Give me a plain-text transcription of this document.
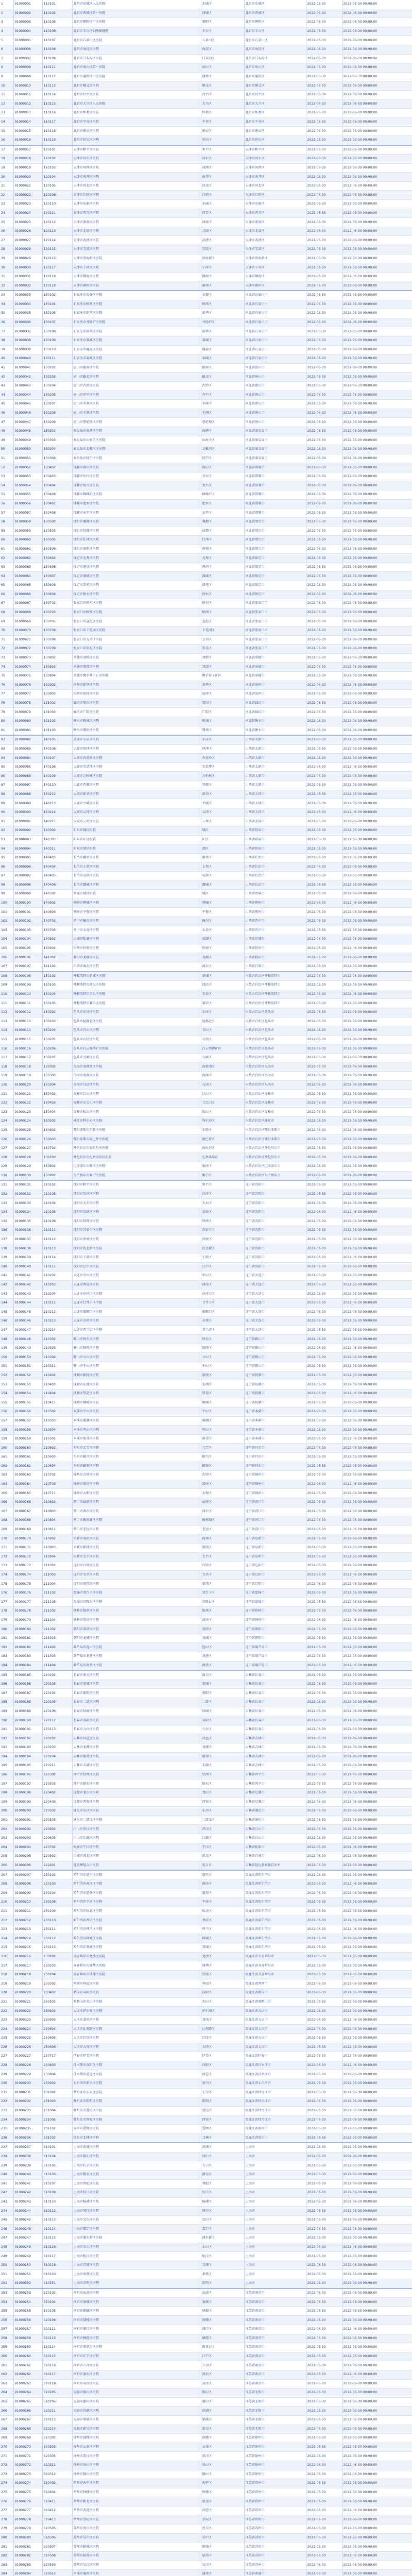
1	91000001	110101	北京市东城区人民医院	东城区	北京市东城区	2022-06-30	2022-06-30 00:00:00
2	91000002	110102	北京市西城区第一医院	西城区	北京市西城区	2022-06-30	2022-06-30 00:00:00
3	91000003	110105	北京市朝阳区中医医院	朝阳区	北京市朝阳区	2022-06-30	2022-06-30 00:00:00
4	91000004	110106	北京市丰台区妇幼保健院	丰台区	北京市丰台区	2022-06-30	2022-06-30 00:00:00
5	91000005	110107	北京市石景山区医院	石景山区	北京市石景山区	2022-06-30	2022-06-30 00:00:00
6	91000006	110108	北京市海淀区医院	海淀区	北京市海淀区	2022-06-30	2022-06-30 00:00:00
7	91000007	110109	北京市门头沟区医院	门头沟区	北京市门头沟区	2022-06-30	2022-06-30 00:00:00
8	91000008	110111	北京市房山区第一医院	房山区	北京市房山区	2022-06-30	2022-06-30 00:00:00
9	91000009	110112	北京市通州区中医医院	通州区	北京市通州区	2022-06-30	2022-06-30 00:00:00
10	91000010	110113	北京市顺义区医院	顺义区	北京市顺义区	2022-06-30	2022-06-30 00:00:00
11	91000011	110114	北京市昌平区医院	昌平区	北京市昌平区	2022-06-30	2022-06-30 00:00:00
12	91000012	110115	北京市大兴区人民医院	大兴区	北京市大兴区	2022-06-30	2022-06-30 00:00:00
13	91000013	110116	北京市怀柔区医院	怀柔区	北京市怀柔区	2022-06-30	2022-06-30 00:00:00
14	91000014	110117	北京市平谷区医院	平谷区	北京市平谷区	2022-06-30	2022-06-30 00:00:00
15	91000015	110118	北京市密云区医院	密云区	北京市密云区	2022-06-30	2022-06-30 00:00:00
16	91000016	110119	北京市延庆区医院	延庆区	北京市延庆区	2022-06-30	2022-06-30 00:00:00
17	91000017	120101	天津市和平区医院	和平区	天津市和平区	2022-06-30	2022-06-30 00:00:00
18	91000018	120102	天津市河东区医院	河东区	天津市河东区	2022-06-30	2022-06-30 00:00:00
19	91000019	120103	天津市河西区医院	河西区	天津市河西区	2022-06-30	2022-06-30 00:00:00
20	91000020	120104	天津市南开区医院	南开区	天津市南开区	2022-06-30	2022-06-30 00:00:00
21	91000021	120105	天津市河北区医院	河北区	天津市河北区	2022-06-30	2022-06-30 00:00:00
22	91000022	120106	天津市红桥区医院	红桥区	天津市红桥区	2022-06-30	2022-06-30 00:00:00
23	91000023	120110	天津市东丽区医院	东丽区	天津市东丽区	2022-06-30	2022-06-30 00:00:00
24	91000024	120111	天津市西青区医院	西青区	天津市西青区	2022-06-30	2022-06-30 00:00:00
25	91000025	120112	天津市津南区医院	津南区	天津市津南区	2022-06-30	2022-06-30 00:00:00
26	91000026	120113	天津市北辰区医院	北辰区	天津市北辰区	2022-06-30	2022-06-30 00:00:00
27	91000027	120114	天津市武清区医院	武清区	天津市武清区	2022-06-30	2022-06-30 00:00:00
28	91000028	120115	天津市宝坻区医院	宝坻区	天津市宝坻区	2022-06-30	2022-06-30 00:00:00
29	91000029	120116	天津市滨海新区医院	滨海新区	天津市滨海新区	2022-06-30	2022-06-30 00:00:00
30	91000030	120117	天津市宁河区医院	宁河区	天津市宁河区	2022-06-30	2022-06-30 00:00:00
31	91000031	120118	天津市静海区医院	静海区	天津市静海区	2022-06-30	2022-06-30 00:00:00
32	91000032	120119	天津市蓟州区医院	蓟州区	天津市蓟州区	2022-06-30	2022-06-30 00:00:00
33	91000033	130102	石家庄市长安区医院	长安区	河北省石家庄市	2022-06-30	2022-06-30 00:00:00
34	91000034	130104	石家庄市桥西区医院	桥西区	河北省石家庄市	2022-06-30	2022-06-30 00:00:00
35	91000035	130105	石家庄市新华区医院	新华区	河北省石家庄市	2022-06-30	2022-06-30 00:00:00
36	91000036	130107	石家庄市井陉矿区医院	井陉矿区	河北省石家庄市	2022-06-30	2022-06-30 00:00:00
37	91000037	130108	石家庄市裕华区医院	裕华区	河北省石家庄市	2022-06-30	2022-06-30 00:00:00
38	91000038	130109	石家庄市藁城区医院	藁城区	河北省石家庄市	2022-06-30	2022-06-30 00:00:00
39	91000039	130110	石家庄市鹿泉区医院	鹿泉区	河北省石家庄市	2022-06-30	2022-06-30 00:00:00
40	91000040	130111	石家庄市栾城区医院	栾城区	河北省石家庄市	2022-06-30	2022-06-30 00:00:00
41	91000041	130202	唐山市路南区医院	路南区	河北省唐山市	2022-06-30	2022-06-30 00:00:00
42	91000042	130203	唐山市路北区医院	路北区	河北省唐山市	2022-06-30	2022-06-30 00:00:00
43	91000043	130204	唐山市古冶区医院	古冶区	河北省唐山市	2022-06-30	2022-06-30 00:00:00
44	91000044	130205	唐山市开平区医院	开平区	河北省唐山市	2022-06-30	2022-06-30 00:00:00
45	91000045	130207	唐山市丰南区医院	丰南区	河北省唐山市	2022-06-30	2022-06-30 00:00:00
46	91000046	130208	唐山市丰润区医院	丰润区	河北省唐山市	2022-06-30	2022-06-30 00:00:00
47	91000047	130209	唐山市曹妃甸区医院	曹妃甸区	河北省唐山市	2022-06-30	2022-06-30 00:00:00
48	91000048	130302	秦皇岛市海港区医院	海港区	河北省秦皇岛市	2022-06-30	2022-06-30 00:00:00
49	91000049	130303	秦皇岛市山海关区医院	山海关区	河北省秦皇岛市	2022-06-30	2022-06-30 00:00:00
50	91000050	130304	秦皇岛市北戴河区医院	北戴河区	河北省秦皇岛市	2022-06-30	2022-06-30 00:00:00
51	91000051	130306	秦皇岛市抚宁区医院	抚宁区	河北省秦皇岛市	2022-06-30	2022-06-30 00:00:00
52	91000052	130402	邯郸市邯山区医院	邯山区	河北省邯郸市	2022-06-30	2022-06-30 00:00:00
53	91000053	130403	邯郸市丛台区医院	丛台区	河北省邯郸市	2022-06-30	2022-06-30 00:00:00
54	91000054	130404	邯郸市复兴区医院	复兴区	河北省邯郸市	2022-06-30	2022-06-30 00:00:00
55	91000055	130406	邯郸市峰峰矿区医院	峰峰矿区	河北省邯郸市	2022-06-30	2022-06-30 00:00:00
56	91000056	130407	邯郸市肥乡区医院	肥乡区	河北省邯郸市	2022-06-30	2022-06-30 00:00:00
57	91000057	130408	邯郸市永年区医院	永年区	河北省邯郸市	2022-06-30	2022-06-30 00:00:00
58	91000058	130502	邢台市襄都区医院	襄都区	河北省邢台市	2022-06-30	2022-06-30 00:00:00
59	91000059	130503	邢台市信都区医院	信都区	河北省邢台市	2022-06-30	2022-06-30 00:00:00
60	91000060	130505	邢台市任泽区医院	任泽区	河北省邢台市	2022-06-30	2022-06-30 00:00:00
61	91000061	130506	邢台市南和区医院	南和区	河北省邢台市	2022-06-30	2022-06-30 00:00:00
62	91000062	130602	保定市竞秀区医院	竞秀区	河北省保定市	2022-06-30	2022-06-30 00:00:00
63	91000063	130606	保定市莲池区医院	莲池区	河北省保定市	2022-06-30	2022-06-30 00:00:00
64	91000064	130607	保定市满城区医院	满城区	河北省保定市	2022-06-30	2022-06-30 00:00:00
65	91000065	130608	保定市清苑区医院	清苑区	河北省保定市	2022-06-30	2022-06-30 00:00:00
66	91000066	130609	保定市徐水区医院	徐水区	河北省保定市	2022-06-30	2022-06-30 00:00:00
67	91000067	130702	张家口市桥东区医院	桥东区	河北省张家口市	2022-06-30	2022-06-30 00:00:00
68	91000068	130703	张家口市桥西区医院	桥西区	河北省张家口市	2022-06-30	2022-06-30 00:00:00
69	91000069	130705	张家口市宣化区医院	宣化区	河北省张家口市	2022-06-30	2022-06-30 00:00:00
70	91000070	130706	张家口市下花园区医院	下花园区	河北省张家口市	2022-06-30	2022-06-30 00:00:00
71	91000071	130708	张家口市万全区医院	万全区	河北省张家口市	2022-06-30	2022-06-30 00:00:00
72	91000072	130709	张家口市崇礼区医院	崇礼区	河北省张家口市	2022-06-30	2022-06-30 00:00:00
73	91000073	130802	承德市双桥区医院	双桥区	河北省承德市	2022-06-30	2022-06-30 00:00:00
74	91000074	130803	承德市双滦区医院	双滦区	河北省承德市	2022-06-30	2022-06-30 00:00:00
75	91000075	130804	承德市鹰手营子矿区医院	鹰手营子矿区	河北省承德市	2022-06-30	2022-06-30 00:00:00
76	91000076	130902	沧州市新华区医院	新华区	河北省沧州市	2022-06-30	2022-06-30 00:00:00
77	91000077	130903	沧州市运河区医院	运河区	河北省沧州市	2022-06-30	2022-06-30 00:00:00
78	91000078	131002	廊坊市安次区医院	安次区	河北省廊坊市	2022-06-30	2022-06-30 00:00:00
79	91000079	131003	廊坊市广阳区医院	广阳区	河北省廊坊市	2022-06-30	2022-06-30 00:00:00
80	91000080	131102	衡水市桃城区医院	桃城区	河北省衡水市	2022-06-30	2022-06-30 00:00:00
81	91000081	131103	衡水市冀州区医院	冀州区	河北省衡水市	2022-06-30	2022-06-30 00:00:00
82	91000082	140105	太原市小店区医院	小店区	山西省太原市	2022-06-30	2022-06-30 00:00:00
83	91000083	140106	太原市迎泽区医院	迎泽区	山西省太原市	2022-06-30	2022-06-30 00:00:00
84	91000084	140107	太原市杏花岭区医院	杏花岭区	山西省太原市	2022-06-30	2022-06-30 00:00:00
85	91000085	140108	太原市尖草坪区医院	尖草坪区	山西省太原市	2022-06-30	2022-06-30 00:00:00
86	91000086	140109	太原市万柏林区医院	万柏林区	山西省太原市	2022-06-30	2022-06-30 00:00:00
87	91000087	140110	太原市晋源区医院	晋源区	山西省太原市	2022-06-30	2022-06-30 00:00:00
88	91000088	140212	大同市新荣区医院	新荣区	山西省大同市	2022-06-30	2022-06-30 00:00:00
89	91000089	140213	大同市平城区医院	平城区	山西省大同市	2022-06-30	2022-06-30 00:00:00
90	91000090	140214	大同市云冈区医院	云冈区	山西省大同市	2022-06-30	2022-06-30 00:00:00
91	91000091	140215	大同市云州区医院	云州区	山西省大同市	2022-06-30	2022-06-30 00:00:00
92	91000092	140302	阳泉市城区医院	城区	山西省阳泉市	2022-06-30	2022-06-30 00:00:00
93	91000093	140303	阳泉市矿区医院	矿区	山西省阳泉市	2022-06-30	2022-06-30 00:00:00
94	91000094	140311	阳泉市郊区医院	郊区	山西省阳泉市	2022-06-30	2022-06-30 00:00:00
95	91000095	140403	长治市潞州区医院	潞州区	山西省长治市	2022-06-30	2022-06-30 00:00:00
96	91000096	140404	长治市上党区医院	上党区	山西省长治市	2022-06-30	2022-06-30 00:00:00
97	91000097	140405	长治市屯留区医院	屯留区	山西省长治市	2022-06-30	2022-06-30 00:00:00
98	91000098	140406	长治市潞城区医院	潞城区	山西省长治市	2022-06-30	2022-06-30 00:00:00
99	91000099	140502	晋城市城区医院	城区	山西省晋城市	2022-06-30	2022-06-30 00:00:00
100	91000100	140602	朔州市朔城区医院	朔城区	山西省朔州市	2022-06-30	2022-06-30 00:00:00
101	91000101	140603	朔州市平鲁区医院	平鲁区	山西省朔州市	2022-06-30	2022-06-30 00:00:00
102	91000102	140702	晋中市榆次区医院	榆次区	山西省晋中市	2022-06-30	2022-06-30 00:00:00
103	91000103	140703	晋中市太谷区医院	太谷区	山西省晋中市	2022-06-30	2022-06-30 00:00:00
104	91000104	140802	运城市盐湖区医院	盐湖区	山西省运城市	2022-06-30	2022-06-30 00:00:00
105	91000105	140902	忻州市忻府区医院	忻府区	山西省忻州市	2022-06-30	2022-06-30 00:00:00
106	91000106	141002	临汾市尧都区医院	尧都区	山西省临汾市	2022-06-30	2022-06-30 00:00:00
107	91000107	141102	吕梁市离石区医院	离石区	山西省吕梁市	2022-06-30	2022-06-30 00:00:00
108	91000108	150102	呼和浩特市新城区医院	新城区	内蒙古自治区呼和浩特市	2022-06-30	2022-06-30 00:00:00
109	91000109	150103	呼和浩特市回民区医院	回民区	内蒙古自治区呼和浩特市	2022-06-30	2022-06-30 00:00:00
110	91000110	150104	呼和浩特市玉泉区医院	玉泉区	内蒙古自治区呼和浩特市	2022-06-30	2022-06-30 00:00:00
111	91000111	150105	呼和浩特市赛罕区医院	赛罕区	内蒙古自治区呼和浩特市	2022-06-30	2022-06-30 00:00:00
112	91000112	150202	包头市东河区医院	东河区	内蒙古自治区包头市	2022-06-30	2022-06-30 00:00:00
113	91000113	150203	包头市昆都仑区医院	昆都仑区	内蒙古自治区包头市	2022-06-30	2022-06-30 00:00:00
114	91000114	150204	包头市青山区医院	青山区	内蒙古自治区包头市	2022-06-30	2022-06-30 00:00:00
115	91000115	150205	包头市石拐区医院	石拐区	内蒙古自治区包头市	2022-06-30	2022-06-30 00:00:00
116	91000116	150206	包头市白云鄂博矿区医院	白云鄂博矿区	内蒙古自治区包头市	2022-06-30	2022-06-30 00:00:00
117	91000117	150207	包头市九原区医院	九原区	内蒙古自治区包头市	2022-06-30	2022-06-30 00:00:00
118	91000118	150302	乌海市海勃湾区医院	海勃湾区	内蒙古自治区乌海市	2022-06-30	2022-06-30 00:00:00
119	91000119	150303	乌海市海南区医院	海南区	内蒙古自治区乌海市	2022-06-30	2022-06-30 00:00:00
120	91000120	150304	乌海市乌达区医院	乌达区	内蒙古自治区乌海市	2022-06-30	2022-06-30 00:00:00
121	91000121	150402	赤峰市红山区医院	红山区	内蒙古自治区赤峰市	2022-06-30	2022-06-30 00:00:00
122	91000122	150403	赤峰市元宝山区医院	元宝山区	内蒙古自治区赤峰市	2022-06-30	2022-06-30 00:00:00
123	91000123	150404	赤峰市松山区医院	松山区	内蒙古自治区赤峰市	2022-06-30	2022-06-30 00:00:00
124	91000124	150502	通辽市科尔沁区医院	科尔沁区	内蒙古自治区通辽市	2022-06-30	2022-06-30 00:00:00
125	91000125	150602	鄂尔多斯市东胜区医院	东胜区	内蒙古自治区鄂尔多斯市	2022-06-30	2022-06-30 00:00:00
126	91000126	150603	鄂尔多斯市康巴什区医院	康巴什区	内蒙古自治区鄂尔多斯市	2022-06-30	2022-06-30 00:00:00
127	91000127	150702	呼伦贝尔市海拉尔区医院	海拉尔区	内蒙古自治区呼伦贝尔市	2022-06-30	2022-06-30 00:00:00
128	91000128	150703	呼伦贝尔市扎赉诺尔区医院	扎赉诺尔区	内蒙古自治区呼伦贝尔市	2022-06-30	2022-06-30 00:00:00
129	91000129	150802	巴彦淖尔市临河区医院	临河区	内蒙古自治区巴彦淖尔市	2022-06-30	2022-06-30 00:00:00
130	91000130	150902	乌兰察布市集宁区医院	集宁区	内蒙古自治区乌兰察布市	2022-06-30	2022-06-30 00:00:00
131	91000131	210102	沈阳市和平区医院	和平区	辽宁省沈阳市	2022-06-30	2022-06-30 00:00:00
132	91000132	210103	沈阳市沈河区医院	沈河区	辽宁省沈阳市	2022-06-30	2022-06-30 00:00:00
133	91000133	210104	沈阳市大东区医院	大东区	辽宁省沈阳市	2022-06-30	2022-06-30 00:00:00
134	91000134	210105	沈阳市皇姑区医院	皇姑区	辽宁省沈阳市	2022-06-30	2022-06-30 00:00:00
135	91000135	210106	沈阳市铁西区医院	铁西区	辽宁省沈阳市	2022-06-30	2022-06-30 00:00:00
136	91000136	210111	沈阳市苏家屯区医院	苏家屯区	辽宁省沈阳市	2022-06-30	2022-06-30 00:00:00
137	91000137	210112	沈阳市浑南区医院	浑南区	辽宁省沈阳市	2022-06-30	2022-06-30 00:00:00
138	91000138	210113	沈阳市沈北新区医院	沈北新区	辽宁省沈阳市	2022-06-30	2022-06-30 00:00:00
139	91000139	210114	沈阳市于洪区医院	于洪区	辽宁省沈阳市	2022-06-30	2022-06-30 00:00:00
140	91000140	210115	沈阳市辽中区医院	辽中区	辽宁省沈阳市	2022-06-30	2022-06-30 00:00:00
141	91000141	210202	大连市中山区医院	中山区	辽宁省大连市	2022-06-30	2022-06-30 00:00:00
142	91000142	210203	大连市西岗区医院	西岗区	辽宁省大连市	2022-06-30	2022-06-30 00:00:00
143	91000143	210204	大连市沙河口区医院	沙河口区	辽宁省大连市	2022-06-30	2022-06-30 00:00:00
144	91000144	210211	大连市甘井子区医院	甘井子区	辽宁省大连市	2022-06-30	2022-06-30 00:00:00
145	91000145	210212	大连市旅顺口区医院	旅顺口区	辽宁省大连市	2022-06-30	2022-06-30 00:00:00
146	91000146	210213	大连市金州区医院	金州区	辽宁省大连市	2022-06-30	2022-06-30 00:00:00
147	91000147	210214	大连市普兰店区医院	普兰店区	辽宁省大连市	2022-06-30	2022-06-30 00:00:00
148	91000148	210302	鞍山市铁东区医院	铁东区	辽宁省鞍山市	2022-06-30	2022-06-30 00:00:00
149	91000149	210303	鞍山市铁西区医院	铁西区	辽宁省鞍山市	2022-06-30	2022-06-30 00:00:00
150	91000150	210304	鞍山市立山区医院	立山区	辽宁省鞍山市	2022-06-30	2022-06-30 00:00:00
151	91000151	210311	鞍山市千山区医院	千山区	辽宁省鞍山市	2022-06-30	2022-06-30 00:00:00
152	91000152	210402	抚顺市新抚区医院	新抚区	辽宁省抚顺市	2022-06-30	2022-06-30 00:00:00
153	91000153	210403	抚顺市东洲区医院	东洲区	辽宁省抚顺市	2022-06-30	2022-06-30 00:00:00
154	91000154	210404	抚顺市望花区医院	望花区	辽宁省抚顺市	2022-06-30	2022-06-30 00:00:00
155	91000155	210411	抚顺市顺城区医院	顺城区	辽宁省抚顺市	2022-06-30	2022-06-30 00:00:00
156	91000156	210502	本溪市平山区医院	平山区	辽宁省本溪市	2022-06-30	2022-06-30 00:00:00
157	91000157	210503	本溪市溪湖区医院	溪湖区	辽宁省本溪市	2022-06-30	2022-06-30 00:00:00
158	91000158	210504	本溪市明山区医院	明山区	辽宁省本溪市	2022-06-30	2022-06-30 00:00:00
159	91000159	210505	本溪市南芬区医院	南芬区	辽宁省本溪市	2022-06-30	2022-06-30 00:00:00
160	91000160	210602	丹东市元宝区医院	元宝区	辽宁省丹东市	2022-06-30	2022-06-30 00:00:00
161	91000161	210603	丹东市振兴区医院	振兴区	辽宁省丹东市	2022-06-30	2022-06-30 00:00:00
162	91000162	210604	丹东市振安区医院	振安区	辽宁省丹东市	2022-06-30	2022-06-30 00:00:00
163	91000163	210702	锦州市古塔区医院	古塔区	辽宁省锦州市	2022-06-30	2022-06-30 00:00:00
164	91000164	210703	锦州市凌河区医院	凌河区	辽宁省锦州市	2022-06-30	2022-06-30 00:00:00
165	91000165	210711	锦州市太和区医院	太和区	辽宁省锦州市	2022-06-30	2022-06-30 00:00:00
166	91000166	210802	营口市站前区医院	站前区	辽宁省营口市	2022-06-30	2022-06-30 00:00:00
167	91000167	210803	营口市西市区医院	西市区	辽宁省营口市	2022-06-30	2022-06-30 00:00:00
168	91000168	210804	营口市鲅鱼圈区医院	鲅鱼圈区	辽宁省营口市	2022-06-30	2022-06-30 00:00:00
169	91000169	210811	营口市老边区医院	老边区	辽宁省营口市	2022-06-30	2022-06-30 00:00:00
170	91000170	210902	阜新市海州区医院	海州区	辽宁省阜新市	2022-06-30	2022-06-30 00:00:00
171	91000171	210903	阜新市新邱区医院	新邱区	辽宁省阜新市	2022-06-30	2022-06-30 00:00:00
172	91000172	210904	阜新市太平区医院	太平区	辽宁省阜新市	2022-06-30	2022-06-30 00:00:00
173	91000173	211002	辽阳市白塔区医院	白塔区	辽宁省辽阳市	2022-06-30	2022-06-30 00:00:00
174	91000174	211003	辽阳市文圣区医院	文圣区	辽宁省辽阳市	2022-06-30	2022-06-30 00:00:00
175	91000175	211004	辽阳市宏伟区医院	宏伟区	辽宁省辽阳市	2022-06-30	2022-06-30 00:00:00
176	91000176	211102	盘锦市双台子区医院	双台子区	辽宁省盘锦市	2022-06-30	2022-06-30 00:00:00
177	91000177	211103	盘锦市兴隆台区医院	兴隆台区	辽宁省盘锦市	2022-06-30	2022-06-30 00:00:00
178	91000178	211202	铁岭市银州区医院	银州区	辽宁省铁岭市	2022-06-30	2022-06-30 00:00:00
179	91000179	211204	铁岭市清河区医院	清河区	辽宁省铁岭市	2022-06-30	2022-06-30 00:00:00
180	91000180	211302	朝阳市双塔区医院	双塔区	辽宁省朝阳市	2022-06-30	2022-06-30 00:00:00
181	91000181	211303	朝阳市龙城区医院	龙城区	辽宁省朝阳市	2022-06-30	2022-06-30 00:00:00
182	91000182	211402	葫芦岛市连山区医院	连山区	辽宁省葫芦岛市	2022-06-30	2022-06-30 00:00:00
183	91000183	211403	葫芦岛市龙港区医院	龙港区	辽宁省葫芦岛市	2022-06-30	2022-06-30 00:00:00
184	91000184	211404	葫芦岛市南票区医院	南票区	辽宁省葫芦岛市	2022-06-30	2022-06-30 00:00:00
185	91000185	220102	长春市南关区医院	南关区	吉林省长春市	2022-06-30	2022-06-30 00:00:00
186	91000186	220103	长春市宽城区医院	宽城区	吉林省长春市	2022-06-30	2022-06-30 00:00:00
187	91000187	220104	长春市朝阳区医院	朝阳区	吉林省长春市	2022-06-30	2022-06-30 00:00:00
188	91000188	220105	长春市二道区医院	二道区	吉林省长春市	2022-06-30	2022-06-30 00:00:00
189	91000189	220106	长春市绿园区医院	绿园区	吉林省长春市	2022-06-30	2022-06-30 00:00:00
190	91000190	220112	长春市双阳区医院	双阳区	吉林省长春市	2022-06-30	2022-06-30 00:00:00
191	91000191	220113	长春市九台区医院	九台区	吉林省长春市	2022-06-30	2022-06-30 00:00:00
192	91000192	220202	吉林市昌邑区医院	昌邑区	吉林省吉林市	2022-06-30	2022-06-30 00:00:00
193	91000193	220203	吉林市龙潭区医院	龙潭区	吉林省吉林市	2022-06-30	2022-06-30 00:00:00
194	91000194	220204	吉林市船营区医院	船营区	吉林省吉林市	2022-06-30	2022-06-30 00:00:00
195	91000195	220211	吉林市丰满区医院	丰满区	吉林省吉林市	2022-06-30	2022-06-30 00:00:00
196	91000196	220302	四平市铁西区医院	铁西区	吉林省四平市	2022-06-30	2022-06-30 00:00:00
197	91000197	220303	四平市铁东区医院	铁东区	吉林省四平市	2022-06-30	2022-06-30 00:00:00
198	91000198	220402	辽源市龙山区医院	龙山区	吉林省辽源市	2022-06-30	2022-06-30 00:00:00
199	91000199	220403	辽源市西安区医院	西安区	吉林省辽源市	2022-06-30	2022-06-30 00:00:00
200	91000200	220502	通化市东昌区医院	东昌区	吉林省通化市	2022-06-30	2022-06-30 00:00:00
201	91000201	220503	通化市二道江区医院	二道江区	吉林省通化市	2022-06-30	2022-06-30 00:00:00
202	91000202	220602	白山市浑江区医院	浑江区	吉林省白山市	2022-06-30	2022-06-30 00:00:00
203	91000203	220605	白山市江源区医院	江源区	吉林省白山市	2022-06-30	2022-06-30 00:00:00
204	91000204	220702	松原市宁江区医院	宁江区	吉林省松原市	2022-06-30	2022-06-30 00:00:00
205	91000205	220802	白城市洮北区医院	洮北区	吉林省白城市	2022-06-30	2022-06-30 00:00:00
206	91000206	222401	延边州延吉市医院	延吉市	吉林省延边朝鲜族自治州	2022-06-30	2022-06-30 00:00:00
207	91000207	230102	哈尔滨市道里区医院	道里区	黑龙江省哈尔滨市	2022-06-30	2022-06-30 00:00:00
208	91000208	230103	哈尔滨市南岗区医院	南岗区	黑龙江省哈尔滨市	2022-06-30	2022-06-30 00:00:00
209	91000209	230104	哈尔滨市道外区医院	道外区	黑龙江省哈尔滨市	2022-06-30	2022-06-30 00:00:00
210	91000210	230108	哈尔滨市平房区医院	平房区	黑龙江省哈尔滨市	2022-06-30	2022-06-30 00:00:00
211	91000211	230109	哈尔滨市松北区医院	松北区	黑龙江省哈尔滨市	2022-06-30	2022-06-30 00:00:00
212	91000212	230110	哈尔滨市香坊区医院	香坊区	黑龙江省哈尔滨市	2022-06-30	2022-06-30 00:00:00
213	91000213	230111	哈尔滨市呼兰区医院	呼兰区	黑龙江省哈尔滨市	2022-06-30	2022-06-30 00:00:00
214	91000214	230112	哈尔滨市阿城区医院	阿城区	黑龙江省哈尔滨市	2022-06-30	2022-06-30 00:00:00
215	91000215	230113	哈尔滨市双城区医院	双城区	黑龙江省哈尔滨市	2022-06-30	2022-06-30 00:00:00
216	91000216	230202	齐齐哈尔市龙沙区医院	龙沙区	黑龙江省齐齐哈尔市	2022-06-30	2022-06-30 00:00:00
217	91000217	230203	齐齐哈尔市建华区医院	建华区	黑龙江省齐齐哈尔市	2022-06-30	2022-06-30 00:00:00
218	91000218	230204	齐齐哈尔市铁锋区医院	铁锋区	黑龙江省齐齐哈尔市	2022-06-30	2022-06-30 00:00:00
219	91000219	230302	鸡西市鸡冠区医院	鸡冠区	黑龙江省鸡西市	2022-06-30	2022-06-30 00:00:00
220	91000220	230402	鹤岗市向阳区医院	向阳区	黑龙江省鹤岗市	2022-06-30	2022-06-30 00:00:00
221	91000221	230502	双鸭山市尖山区医院	尖山区	黑龙江省双鸭山市	2022-06-30	2022-06-30 00:00:00
222	91000222	230602	大庆市萨尔图区医院	萨尔图区	黑龙江省大庆市	2022-06-30	2022-06-30 00:00:00
223	91000223	230603	大庆市龙凤区医院	龙凤区	黑龙江省大庆市	2022-06-30	2022-06-30 00:00:00
224	91000224	230604	大庆市让胡路区医院	让胡路区	黑龙江省大庆市	2022-06-30	2022-06-30 00:00:00
225	91000225	230605	大庆市红岗区医院	红岗区	黑龙江省大庆市	2022-06-30	2022-06-30 00:00:00
226	91000226	230606	大庆市大同区医院	大同区	黑龙江省大庆市	2022-06-30	2022-06-30 00:00:00
227	91000227	230717	伊春市伊美区医院	伊美区	黑龙江省伊春市	2022-06-30	2022-06-30 00:00:00
228	91000228	230803	佳木斯市向阳区医院	向阳区	黑龙江省佳木斯市	2022-06-30	2022-06-30 00:00:00
229	91000229	230804	佳木斯市前进区医院	前进区	黑龙江省佳木斯市	2022-06-30	2022-06-30 00:00:00
230	91000230	230902	七台河市新兴区医院	新兴区	黑龙江省七台河市	2022-06-30	2022-06-30 00:00:00
231	91000231	231002	牡丹江市东安区医院	东安区	黑龙江省牡丹江市	2022-06-30	2022-06-30 00:00:00
232	91000232	231003	牡丹江市阳明区医院	阳明区	黑龙江省牡丹江市	2022-06-30	2022-06-30 00:00:00
233	91000233	231004	牡丹江市爱民区医院	爱民区	黑龙江省牡丹江市	2022-06-30	2022-06-30 00:00:00
234	91000234	231005	牡丹江市西安区医院	西安区	黑龙江省牡丹江市	2022-06-30	2022-06-30 00:00:00
235	91000235	231102	黑河市爱辉区医院	爱辉区	黑龙江省黑河市	2022-06-30	2022-06-30 00:00:00
236	91000236	231202	绥化市北林区医院	北林区	黑龙江省绥化市	2022-06-30	2022-06-30 00:00:00
237	91000237	310101	上海市黄浦区医院	黄浦区	上海市	2022-06-30	2022-06-30 00:00:00
238	91000238	310104	上海市徐汇区医院	徐汇区	上海市	2022-06-30	2022-06-30 00:00:00
239	91000239	310105	上海市长宁区医院	长宁区	上海市	2022-06-30	2022-06-30 00:00:00
240	91000240	310106	上海市静安区医院	静安区	上海市	2022-06-30	2022-06-30 00:00:00
241	91000241	310107	上海市普陀区医院	普陀区	上海市	2022-06-30	2022-06-30 00:00:00
242	91000242	310109	上海市虹口区医院	虹口区	上海市	2022-06-30	2022-06-30 00:00:00
243	91000243	310110	上海市杨浦区医院	杨浦区	上海市	2022-06-30	2022-06-30 00:00:00
244	91000244	310112	上海市闵行区医院	闵行区	上海市	2022-06-30	2022-06-30 00:00:00
245	91000245	310113	上海市宝山区医院	宝山区	上海市	2022-06-30	2022-06-30 00:00:00
246	91000246	310114	上海市嘉定区医院	嘉定区	上海市	2022-06-30	2022-06-30 00:00:00
247	91000247	310115	上海市浦东新区医院	浦东新区	上海市	2022-06-30	2022-06-30 00:00:00
248	91000248	310116	上海市金山区医院	金山区	上海市	2022-06-30	2022-06-30 00:00:00
249	91000249	310117	上海市松江区医院	松江区	上海市	2022-06-30	2022-06-30 00:00:00
250	91000250	310118	上海市青浦区医院	青浦区	上海市	2022-06-30	2022-06-30 00:00:00
251	91000251	310120	上海市奉贤区医院	奉贤区	上海市	2022-06-30	2022-06-30 00:00:00
252	91000252	310151	上海市崇明区医院	崇明区	上海市	2022-06-30	2022-06-30 00:00:00
253	91000253	320102	南京市玄武区医院	玄武区	江苏省南京市	2022-06-30	2022-06-30 00:00:00
254	91000254	320104	南京市秦淮区医院	秦淮区	江苏省南京市	2022-06-30	2022-06-30 00:00:00
255	91000255	320105	南京市建邺区医院	建邺区	江苏省南京市	2022-06-30	2022-06-30 00:00:00
256	91000256	320106	南京市鼓楼区医院	鼓楼区	江苏省南京市	2022-06-30	2022-06-30 00:00:00
257	91000257	320111	南京市浦口区医院	浦口区	江苏省南京市	2022-06-30	2022-06-30 00:00:00
258	91000258	320113	南京市栖霞区医院	栖霞区	江苏省南京市	2022-06-30	2022-06-30 00:00:00
259	91000259	320114	南京市雨花台区医院	雨花台区	江苏省南京市	2022-06-30	2022-06-30 00:00:00
260	91000260	320115	南京市江宁区医院	江宁区	江苏省南京市	2022-06-30	2022-06-30 00:00:00
261	91000261	320116	南京市六合区医院	六合区	江苏省南京市	2022-06-30	2022-06-30 00:00:00
262	91000262	320117	南京市溧水区医院	溧水区	江苏省南京市	2022-06-30	2022-06-30 00:00:00
263	91000263	320118	南京市高淳区医院	高淳区	江苏省南京市	2022-06-30	2022-06-30 00:00:00
264	91000264	320205	无锡市锡山区医院	锡山区	江苏省无锡市	2022-06-30	2022-06-30 00:00:00
265	91000265	320206	无锡市惠山区医院	惠山区	江苏省无锡市	2022-06-30	2022-06-30 00:00:00
266	91000266	320211	无锡市滨湖区医院	滨湖区	江苏省无锡市	2022-06-30	2022-06-30 00:00:00
267	91000267	320213	无锡市梁溪区医院	梁溪区	江苏省无锡市	2022-06-30	2022-06-30 00:00:00
268	91000268	320214	无锡市新吴区医院	新吴区	江苏省无锡市	2022-06-30	2022-06-30 00:00:00
269	91000269	320302	徐州市鼓楼区医院	鼓楼区	江苏省徐州市	2022-06-30	2022-06-30 00:00:00
270	91000270	320303	徐州市云龙区医院	云龙区	江苏省徐州市	2022-06-30	2022-06-30 00:00:00
271	91000271	320305	徐州市贾汪区医院	贾汪区	江苏省徐州市	2022-06-30	2022-06-30 00:00:00
272	91000272	320311	徐州市泉山区医院	泉山区	江苏省徐州市	2022-06-30	2022-06-30 00:00:00
273	91000273	320312	徐州市铜山区医院	铜山区	江苏省徐州市	2022-06-30	2022-06-30 00:00:00
274	91000274	320402	常州市天宁区医院	天宁区	江苏省常州市	2022-06-30	2022-06-30 00:00:00
275	91000275	320404	常州市钟楼区医院	钟楼区	江苏省常州市	2022-06-30	2022-06-30 00:00:00
276	91000276	320411	常州市新北区医院	新北区	江苏省常州市	2022-06-30	2022-06-30 00:00:00
277	91000277	320412	常州市武进区医院	武进区	江苏省常州市	2022-06-30	2022-06-30 00:00:00
278	91000278	320413	常州市金坛区医院	金坛区	江苏省常州市	2022-06-30	2022-06-30 00:00:00
279	91000279	320505	苏州市虎丘区医院	虎丘区	江苏省苏州市	2022-06-30	2022-06-30 00:00:00
280	91000280	320506	苏州市吴中区医院	吴中区	江苏省苏州市	2022-06-30	2022-06-30 00:00:00
281	91000281	320507	苏州市相城区医院	相城区	江苏省苏州市	2022-06-30	2022-06-30 00:00:00
282	91000282	320508	苏州市姑苏区医院	姑苏区	江苏省苏州市	2022-06-30	2022-06-30 00:00:00
283	91000283	320509	苏州市吴江区医院	吴江区	江苏省苏州市	2022-06-30	2022-06-30 00:00:00
284	91000284	320612	南通市通州区医院	通州区	江苏省南通市	2022-06-30	2022-06-30 00:00:00
